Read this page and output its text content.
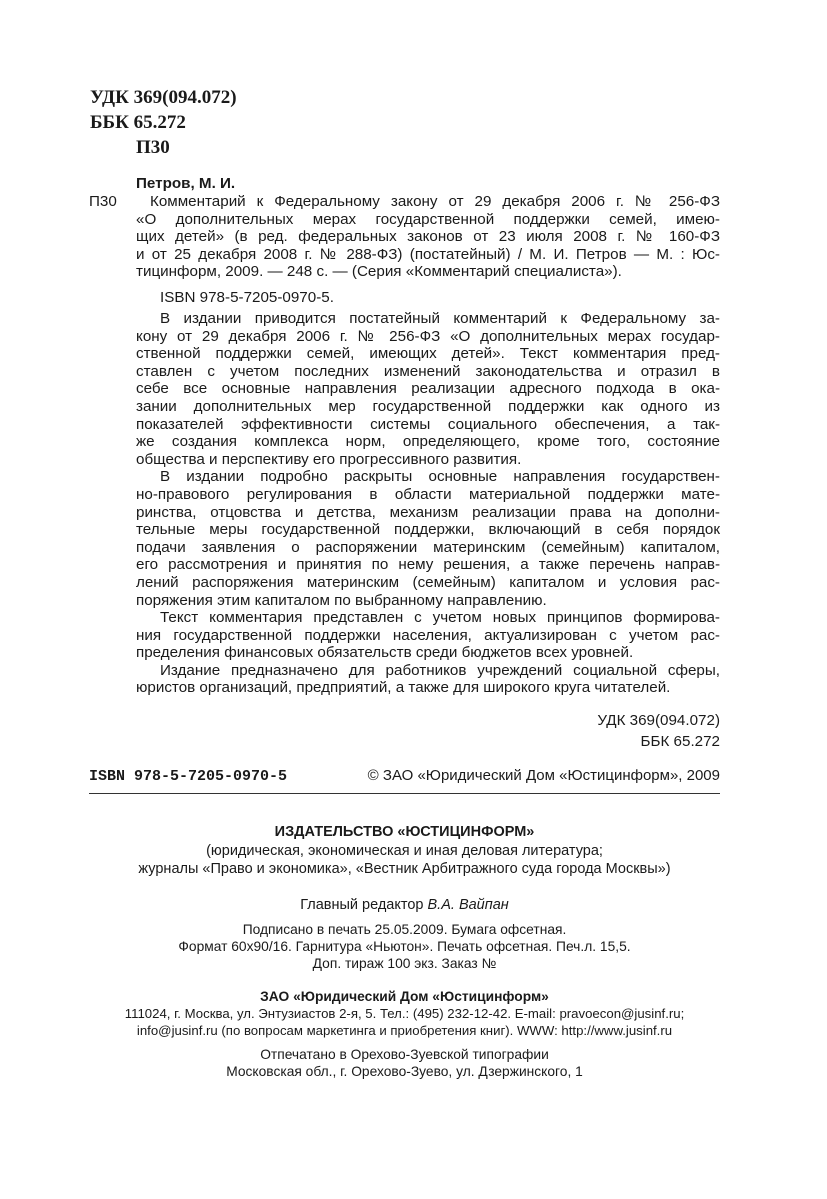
УДК 369(094.072)
ББК 65.272
П30
Петров, М. И.
П30	Комментарий к Федеральному закону от 29 декабря 2006 г. № 256-ФЗ
«О дополнительных мерах государственной поддержки семей, имею-
щих детей» (в ред. федеральных законов от 23 июля 2008 г. № 160-ФЗ
и от 25 декабря 2008 г. № 288-ФЗ) (постатейный) / М. И. Петров — М. : Юс-
тицинформ, 2009. — 248 с. — (Серия «Комментарий специалиста»).
ISBN 978-5-7205-0970-5.
В издании приводится постатейный комментарий к Федеральному за-
кону от 29 декабря 2006 г. № 256-ФЗ «О дополнительных мерах государ-
ственной поддержки семей, имеющих детей». Текст комментария пред-
ставлен с учетом последних изменений законодательства и отразил в
себе все основные направления реализации адресного подхода в ока-
зании дополнительных мер государственной поддержки как одного из
показателей эффективности системы социального обеспечения, а так-
же создания комплекса норм, определяющего, кроме того, состояние
общества и перспективу его прогрессивного развития.
В издании подробно раскрыты основные направления государствен-
но-правового регулирования в области материальной поддержки мате-
ринства, отцовства и детства, механизм реализации права на дополни-
тельные меры государственной поддержки, включающий в себя порядок
подачи заявления о распоряжении материнским (семейным) капиталом,
его рассмотрения и принятия по нему решения, а также перечень направ-
лений распоряжения материнским (семейным) капиталом и условия рас-
поряжения этим капиталом по выбранному направлению.
Текст комментария представлен с учетом новых принципов формирова-
ния государственной поддержки населения, актуализирован с учетом рас-
пределения финансовых обязательств среди бюджетов всех уровней.
Издание предназначено для работников учреждений социальной сферы,
юристов организаций, предприятий, а также для широкого круга читателей.
УДК 369(094.072)
ББК 65.272
ISBN 978-5-7205-0970-5	© ЗАО «Юридический Дом «Юстицинформ», 2009
ИЗДАТЕЛЬСТВО «ЮСТИЦИНФОРМ»
(юридическая, экономическая и иная деловая литература;
журналы «Право и экономика», «Вестник Арбитражного суда города Москвы»)
Главный редактор В.А. Вайпан
Подписано в печать 25.05.2009. Бумага офсетная.
Формат 60x90/16. Гарнитура «Ньютон». Печать офсетная. Печ.л. 15,5.
Доп. тираж 100 экз. Заказ №
ЗАО «Юридический Дом «Юстицинформ»
111024, г. Москва, ул. Энтузиастов 2-я, 5. Тел.: (495) 232-12-42. E-mail: pravoecon@jusinf.ru;
info@jusinf.ru (по вопросам маркетинга и приобретения книг). WWW: http://www.jusinf.ru
Отпечатано в Орехово-Зуевской типографии
Московская обл., г. Орехово-Зуево, ул. Дзержинского, 1
